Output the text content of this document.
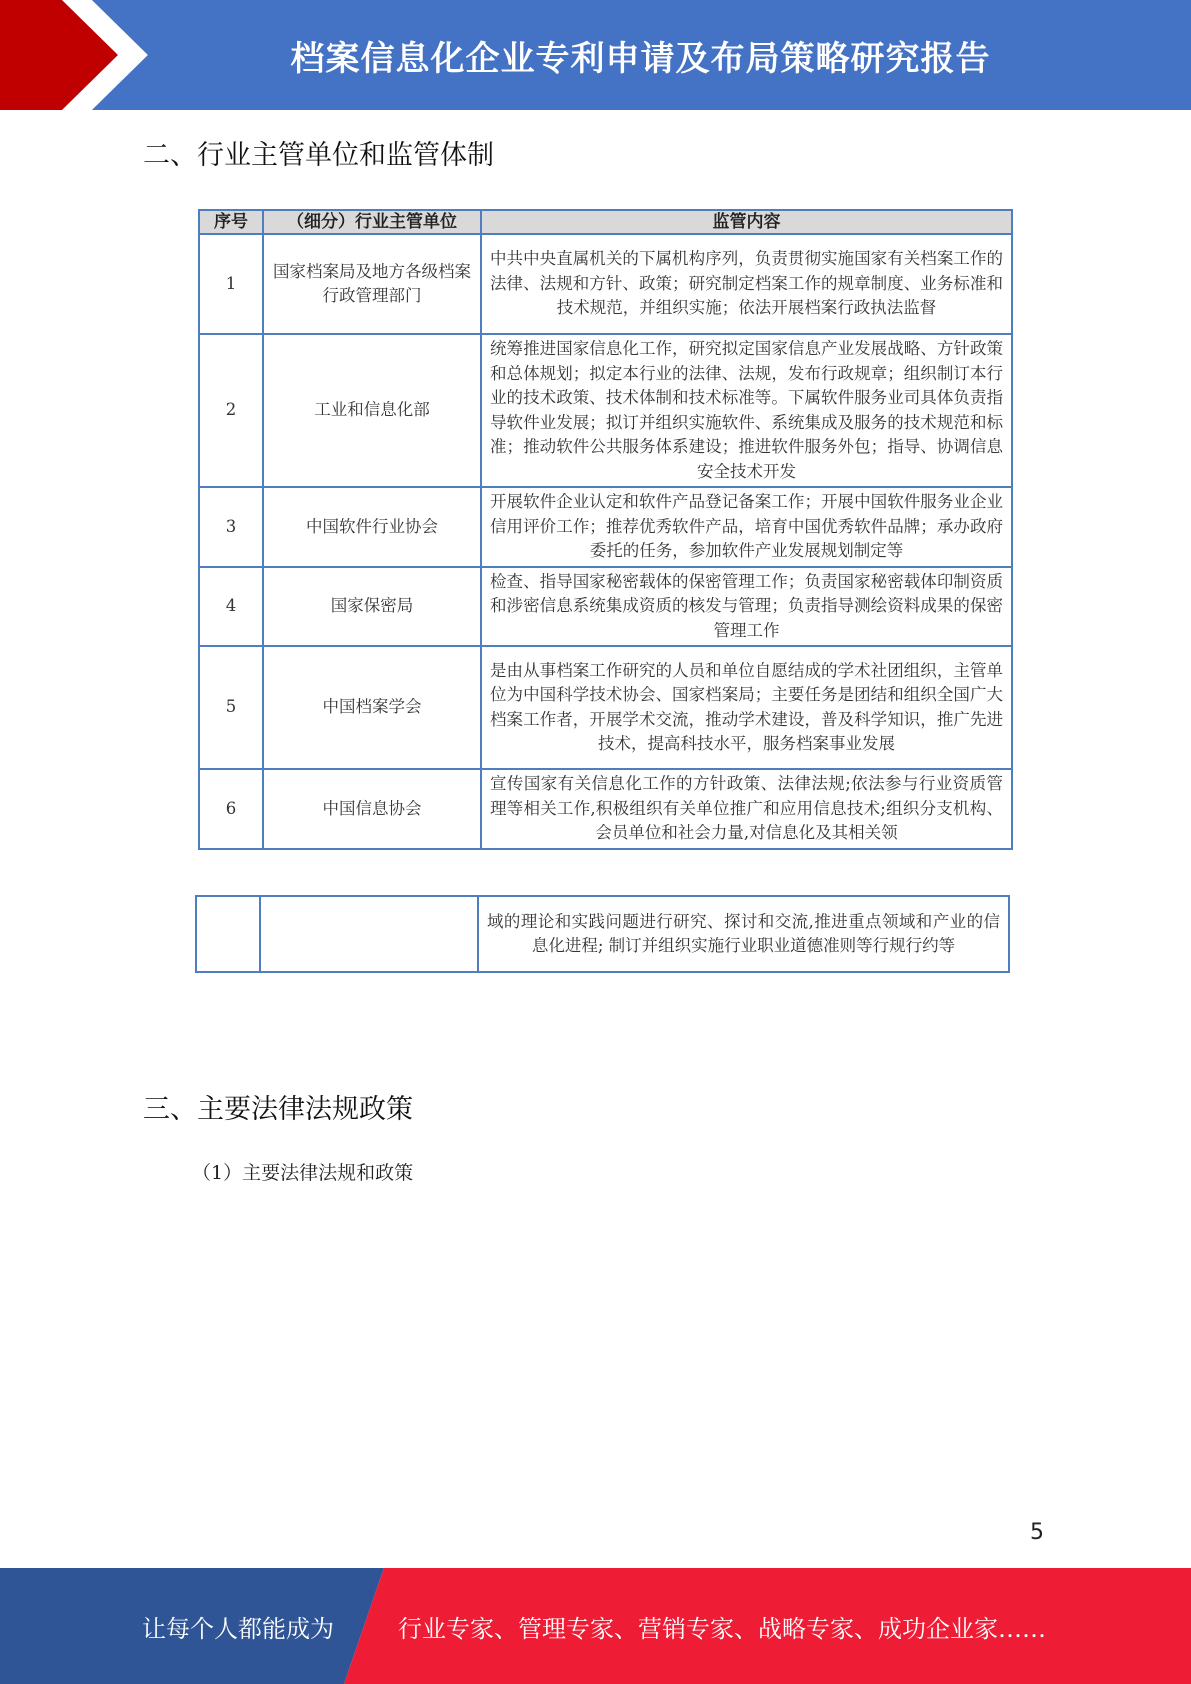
档案信息化企业专利申请及布局策略研究报告
二、行业主管单位和监管体制
序号	（细分）行业主管单位	监管内容
1	国家档案局及地方各级档案行政管理部门	中共中央直属机关的下属机构序列，负责贯彻实施国家有关档案工作的法律、法规和方针、政策；研究制定档案工作的规章制度、业务标准和技术规范，并组织实施；依法开展档案行政执法监督
2	工业和信息化部	统筹推进国家信息化工作，研究拟定国家信息产业发展战略、方针政策和总体规划；拟定本行业的法律、法规，发布行政规章；组织制订本行业的技术政策、技术体制和技术标准等。下属软件服务业司具体负责指导软件业发展；拟订并组织实施软件、系统集成及服务的技术规范和标准；推动软件公共服务体系建设；推进软件服务外包；指导、协调信息安全技术开发
3	中国软件行业协会	开展软件企业认定和软件产品登记备案工作；开展中国软件服务业企业信用评价工作；推荐优秀软件产品，培育中国优秀软件品牌；承办政府委托的任务，参加软件产业发展规划制定等
4	国家保密局	检查、指导国家秘密载体的保密管理工作；负责国家秘密载体印制资质和涉密信息系统集成资质的核发与管理；负责指导测绘资料成果的保密管理工作
5	中国档案学会	是由从事档案工作研究的人员和单位自愿结成的学术社团组织，主管单位为中国科学技术协会、国家档案局；主要任务是团结和组织全国广大档案工作者，开展学术交流，推动学术建设，普及科学知识，推广先进技术，提高科技水平，服务档案事业发展
6	中国信息协会	宣传国家有关信息化工作的方针政策、法律法规;依法参与行业资质管理等相关工作,积极组织有关单位推广和应用信息技术;组织分支机构、会员单位和社会力量,对信息化及其相关领
		域的理论和实践问题进行研究、探讨和交流,推进重点领域和产业的信息化进程; 制订并组织实施行业职业道德准则等行规行约等
三、主要法律法规政策
（1）主要法律法规和政策
5
让每个人都能成为	行业专家、管理专家、营销专家、战略专家、成功企业家……
